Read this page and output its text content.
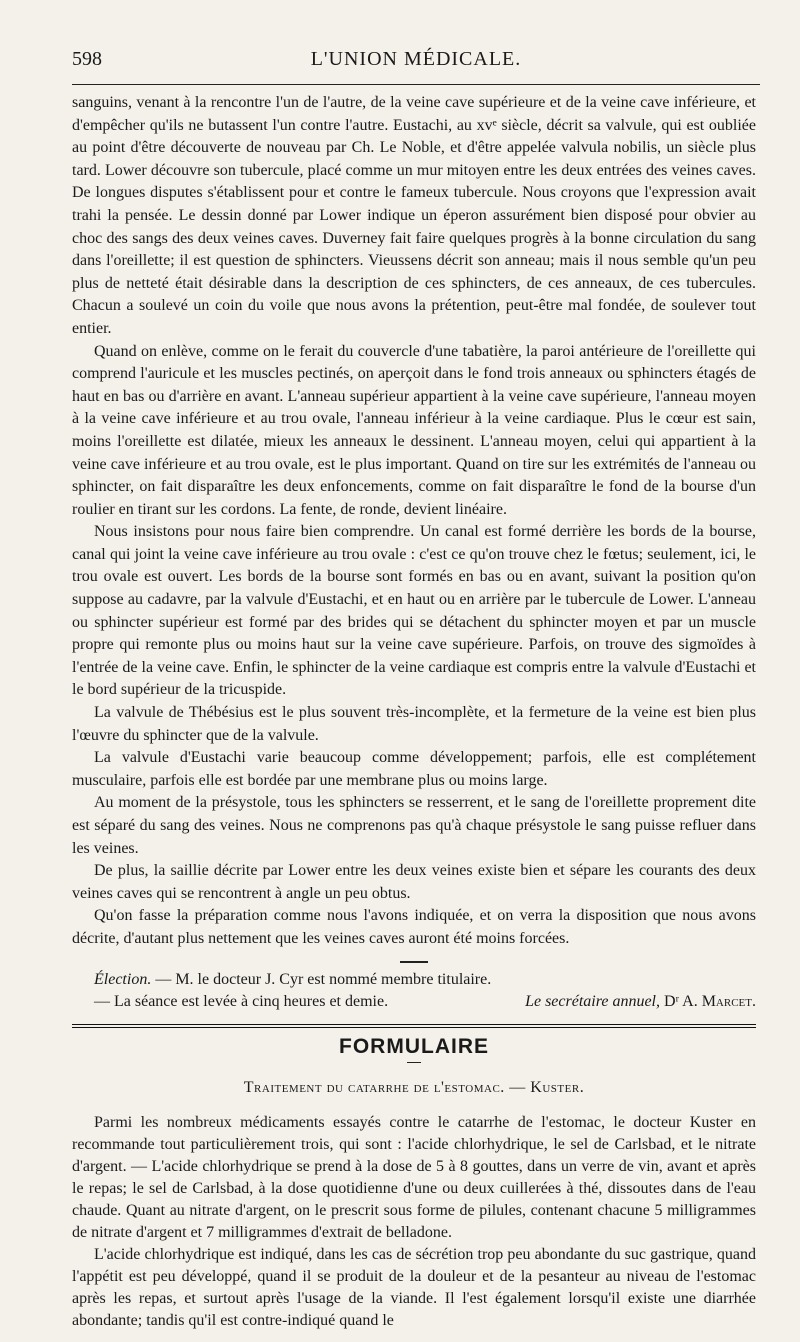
598	L'UNION MÉDICALE.

sanguins, venant à la rencontre l'un de l'autre, de la veine cave supérieure et de la veine cave inférieure, et d'empêcher qu'ils ne butassent l'un contre l'autre. Eustachi, au xvᵉ siècle, décrit sa valvule, qui est oubliée au point d'être découverte de nouveau par Ch. Le Noble, et d'être appelée valvula nobilis, un siècle plus tard. Lower découvre son tubercule, placé comme un mur mitoyen entre les deux entrées des veines caves. De longues disputes s'établissent pour et contre le fameux tubercule. Nous croyons que l'expression avait trahi la pensée. Le dessin donné par Lower indique un éperon assurément bien disposé pour obvier au choc des sangs des deux veines caves. Duverney fait faire quelques progrès à la bonne circulation du sang dans l'oreillette; il est question de sphincters. Vieussens décrit son anneau; mais il nous semble qu'un peu plus de netteté était désirable dans la description de ces sphincters, de ces anneaux, de ces tubercules. Chacun a soulevé un coin du voile que nous avons la prétention, peut-être mal fondée, de soulever tout entier.

Quand on enlève, comme on le ferait du couvercle d'une tabatière, la paroi antérieure de l'oreillette qui comprend l'auricule et les muscles pectinés, on aperçoit dans le fond trois anneaux ou sphincters étagés de haut en bas ou d'arrière en avant. L'anneau supérieur appartient à la veine cave supérieure, l'anneau moyen à la veine cave inférieure et au trou ovale, l'anneau inférieur à la veine cardiaque. Plus le cœur est sain, moins l'oreillette est dilatée, mieux les anneaux le dessinent. L'anneau moyen, celui qui appartient à la veine cave inférieure et au trou ovale, est le plus important. Quand on tire sur les extrémités de l'anneau ou sphincter, on fait disparaître les deux enfoncements, comme on fait disparaître le fond de la bourse d'un roulier en tirant sur les cordons. La fente, de ronde, devient linéaire.

Nous insistons pour nous faire bien comprendre. Un canal est formé derrière les bords de la bourse, canal qui joint la veine cave inférieure au trou ovale : c'est ce qu'on trouve chez le fœtus; seulement, ici, le trou ovale est ouvert. Les bords de la bourse sont formés en bas ou en avant, suivant la position qu'on suppose au cadavre, par la valvule d'Eustachi, et en haut ou en arrière par le tubercule de Lower. L'anneau ou sphincter supérieur est formé par des brides qui se détachent du sphincter moyen et par un muscle propre qui remonte plus ou moins haut sur la veine cave supérieure. Parfois, on trouve des sigmoïdes à l'entrée de la veine cave. Enfin, le sphincter de la veine cardiaque est compris entre la valvule d'Eustachi et le bord supérieur de la tricuspide.

La valvule de Thébésius est le plus souvent très-incomplète, et la fermeture de la veine est bien plus l'œuvre du sphincter que de la valvule.

La valvule d'Eustachi varie beaucoup comme développement; parfois, elle est complétement musculaire, parfois elle est bordée par une membrane plus ou moins large.

Au moment de la présystole, tous les sphincters se resserrent, et le sang de l'oreillette proprement dite est séparé du sang des veines. Nous ne comprenons pas qu'à chaque présystole le sang puisse refluer dans les veines.

De plus, la saillie décrite par Lower entre les deux veines existe bien et sépare les courants des deux veines caves qui se rencontrent à angle un peu obtus.

Qu'on fasse la préparation comme nous l'avons indiquée, et on verra la disposition que nous avons décrite, d'autant plus nettement que les veines caves auront été moins forcées.

Élection. — M. le docteur J. Cyr est nommé membre titulaire.

— La séance est levée à cinq heures et demie.	Le secrétaire annuel, Dʳ A. Marcet.
FORMULAIRE
Traitement du catarrhe de l'estomac. — Kuster.

Parmi les nombreux médicaments essayés contre le catarrhe de l'estomac, le docteur Kuster en recommande tout particulièrement trois, qui sont : l'acide chlorhydrique, le sel de Carlsbad, et le nitrate d'argent. — L'acide chlorhydrique se prend à la dose de 5 à 8 gouttes, dans un verre de vin, avant et après le repas; le sel de Carlsbad, à la dose quotidienne d'une ou deux cuillerées à thé, dissoutes dans de l'eau chaude. Quant au nitrate d'argent, on le prescrit sous forme de pilules, contenant chacune 5 milligrammes de nitrate d'argent et 7 milligrammes d'extrait de belladone.

L'acide chlorhydrique est indiqué, dans les cas de sécrétion trop peu abondante du suc gastrique, quand l'appétit est peu développé, quand il se produit de la douleur et de la pesanteur au niveau de l'estomac après les repas, et surtout après l'usage de la viande. Il l'est également lorsqu'il existe une diarrhée abondante; tandis qu'il est contre-indiqué quand le
